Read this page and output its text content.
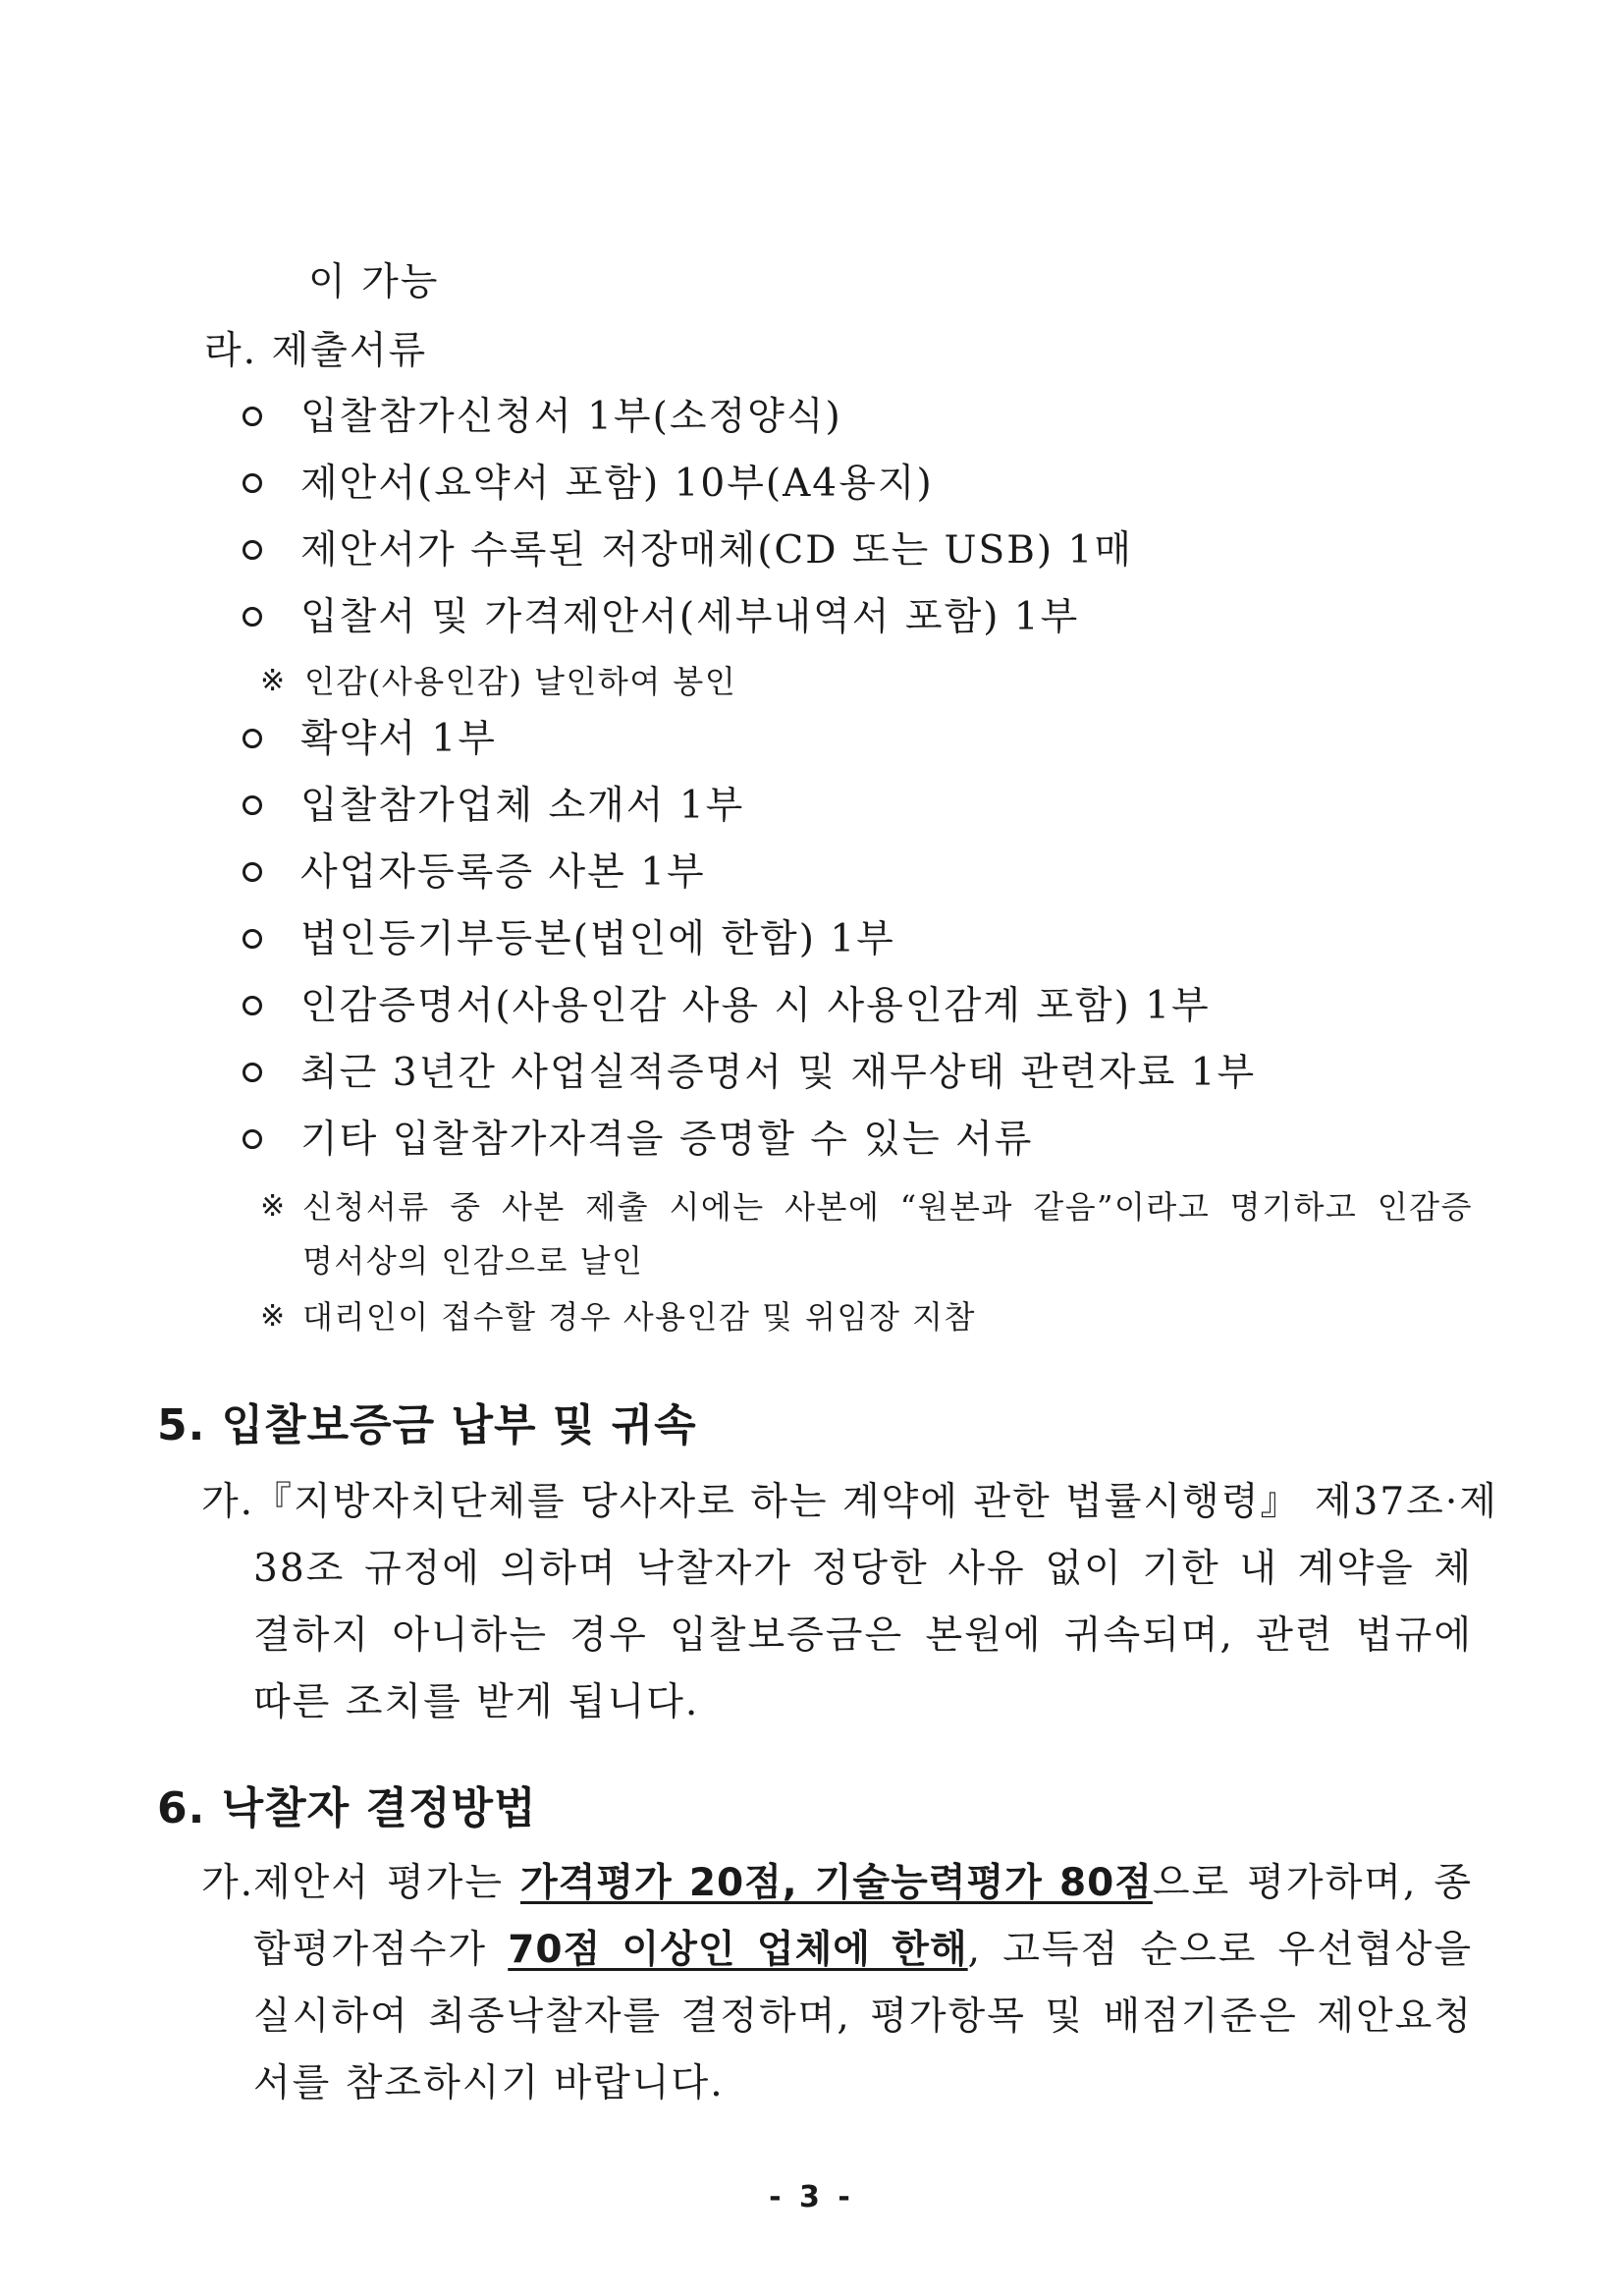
이 가능
라. 제출서류
입찰참가신청서 1부(소정양식)
제안서(요약서 포함) 10부(A4용지)
제안서가 수록된 저장매체(CD 또는 USB) 1매
입찰서 및 가격제안서(세부내역서 포함) 1부
※ 인감(사용인감) 날인하여 봉인
확약서 1부
입찰참가업체 소개서 1부
사업자등록증 사본 1부
법인등기부등본(법인에 한함) 1부
인감증명서(사용인감 사용 시 사용인감계 포함) 1부
최근 3년간 사업실적증명서 및 재무상태 관련자료 1부
기타 입찰참가자격을 증명할 수 있는 서류
※ 신청서류 중 사본 제출 시에는 사본에 “원본과 같음”이라고 명기하고 인감증
명서상의 인감으로 날인
※ 대리인이 접수할 경우 사용인감 및 위임장 지참
5. 입찰보증금 납부 및 귀속
가.
『지방자치단체를 당사자로 하는 계약에 관한 법률시행령』 제37조·제
38조 규정에 의하며 낙찰자가 정당한 사유 없이 기한 내 계약을 체
결하지 아니하는 경우 입찰보증금은 본원에 귀속되며, 관련 법규에
따른 조치를 받게 됩니다.
6. 낙찰자 결정방법
가.
제안서 평가는 가격평가 20점, 기술능력평가 80점으로 평가하며, 종
합평가점수가 70점 이상인 업체에 한해, 고득점 순으로 우선협상을
실시하여 최종낙찰자를 결정하며, 평가항목 및 배점기준은 제안요청
서를 참조하시기 바랍니다.
- 3 -
